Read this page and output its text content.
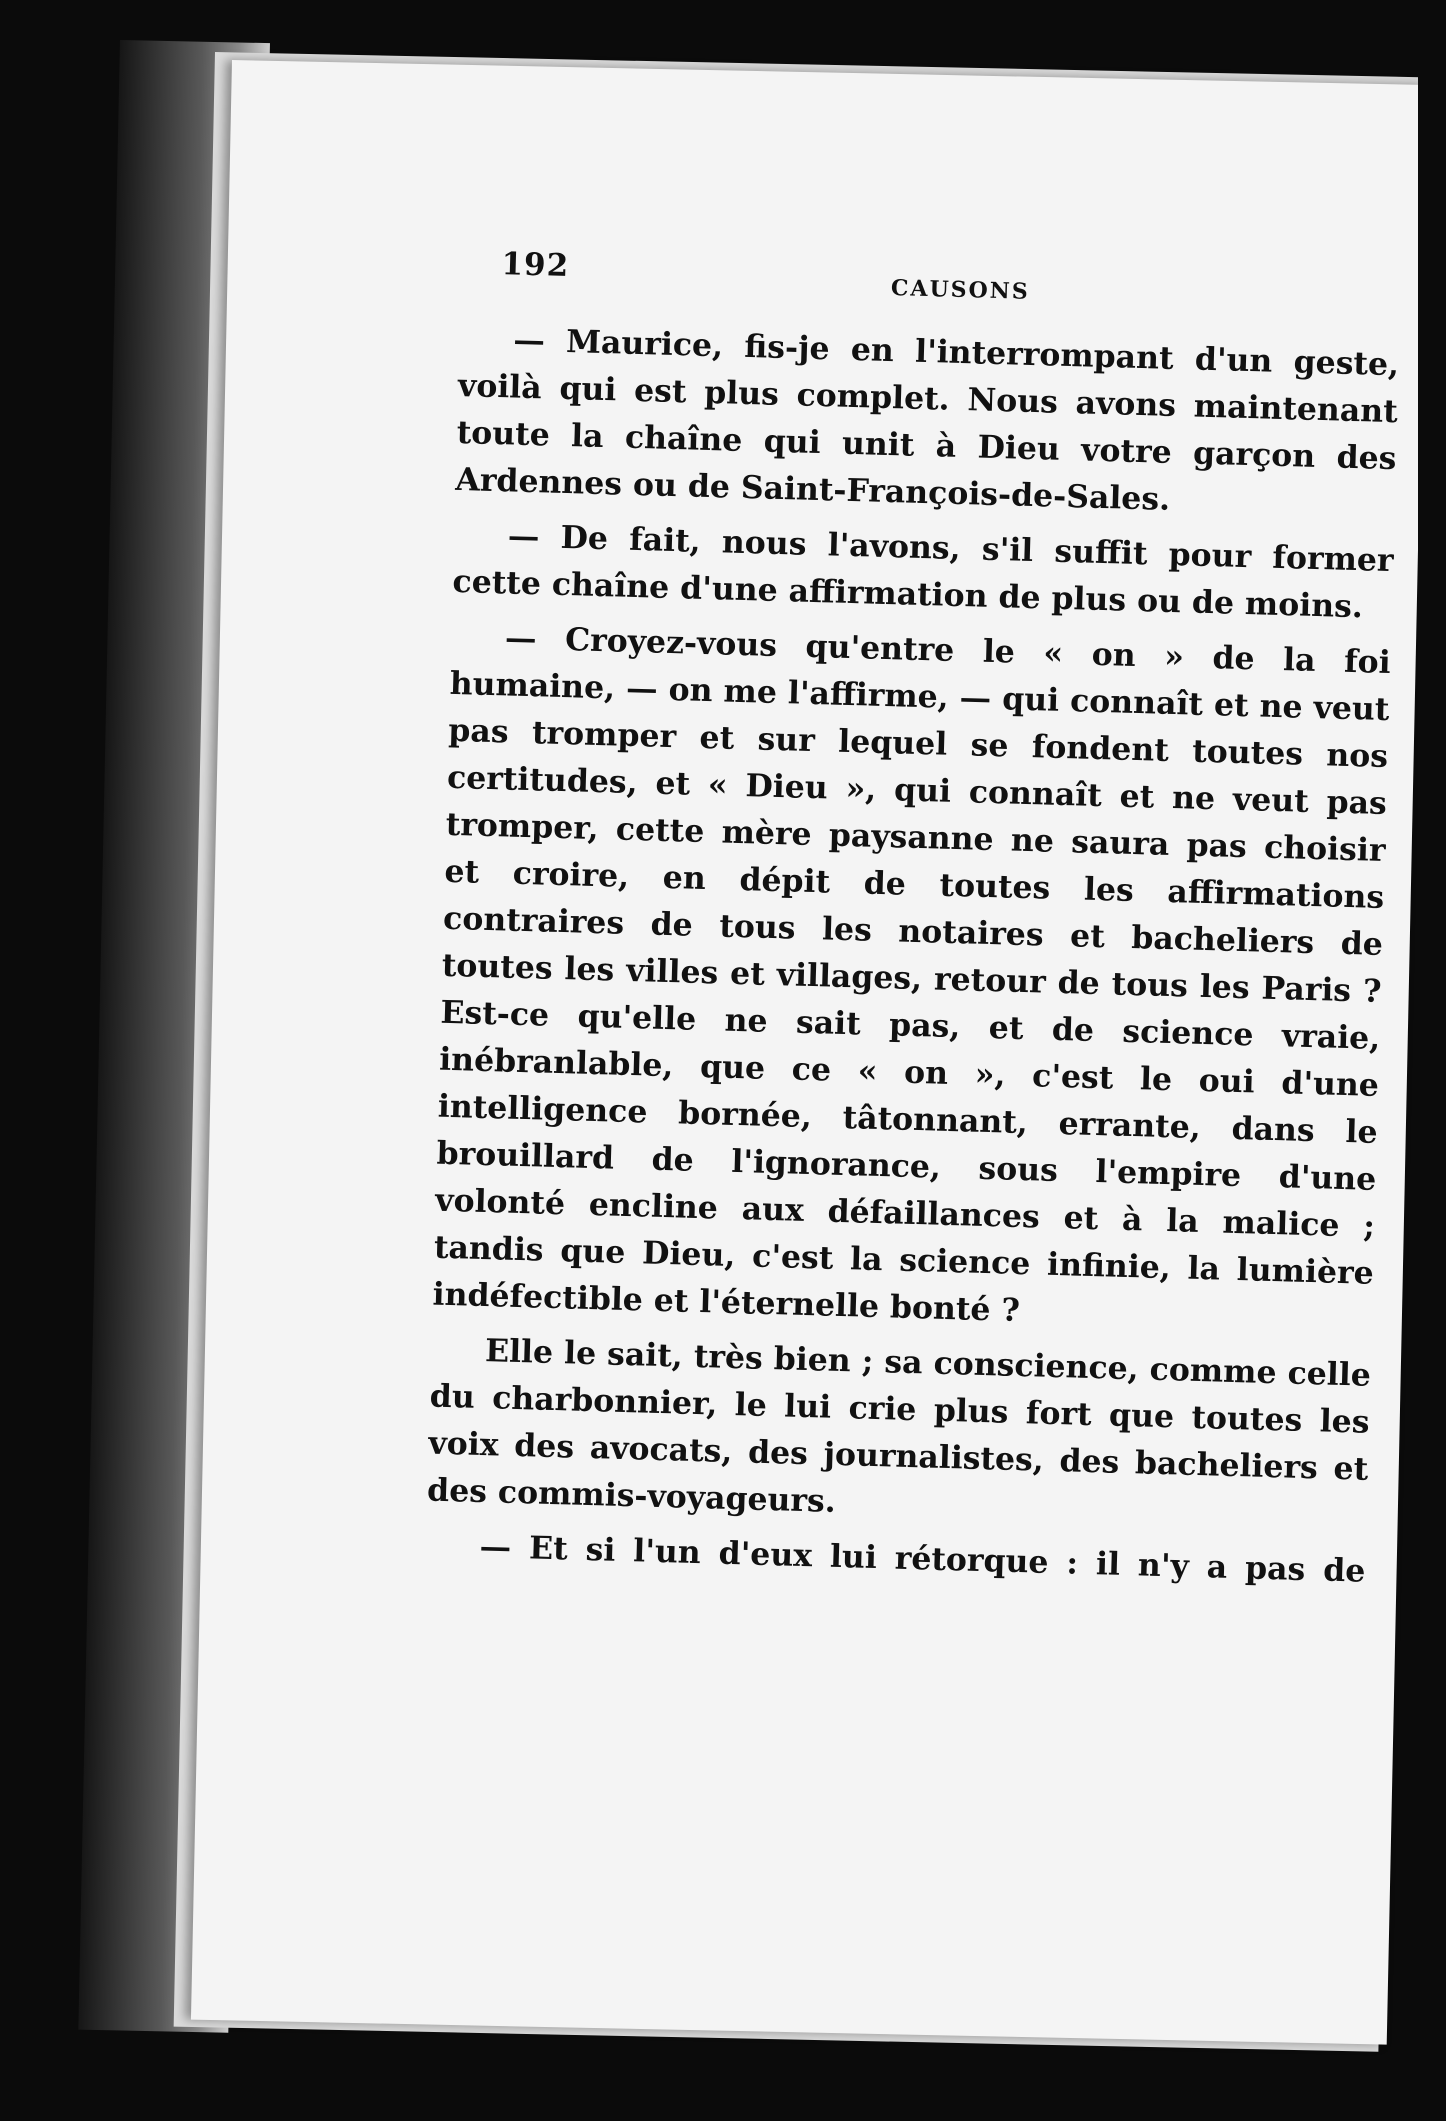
192
CAUSONS

— Maurice, fis-je en l'interrompant d'un geste, voilà qui est plus complet. Nous avons maintenant toute la chaîne qui unit à Dieu votre garçon des Ardennes ou de Saint-François-de-Sales.

— De fait, nous l'avons, s'il suffit pour former cette chaîne d'une affirmation de plus ou de moins.

— Croyez-vous qu'entre le « on » de la foi humaine, — on me l'affirme, — qui connaît et ne veut pas tromper et sur lequel se fondent toutes nos certitudes, et « Dieu », qui connaît et ne veut pas tromper, cette mère paysanne ne saura pas choisir et croire, en dépit de toutes les affirmations contraires de tous les notaires et bacheliers de toutes les villes et villages, retour de tous les Paris ? Est-ce qu'elle ne sait pas, et de science vraie, inébranlable, que ce « on », c'est le oui d'une intelligence bornée, tâtonnant, errante, dans le brouillard de l'ignorance, sous l'empire d'une volonté encline aux défaillances et à la malice ; tandis que Dieu, c'est la science infinie, la lumière indéfectible et l'éternelle bonté ?

Elle le sait, très bien ; sa conscience, comme celle du charbonnier, le lui crie plus fort que toutes les voix des avocats, des journalistes, des bacheliers et des commis-voyageurs.

— Et si l'un d'eux lui rétorque : il n'y a pas de
